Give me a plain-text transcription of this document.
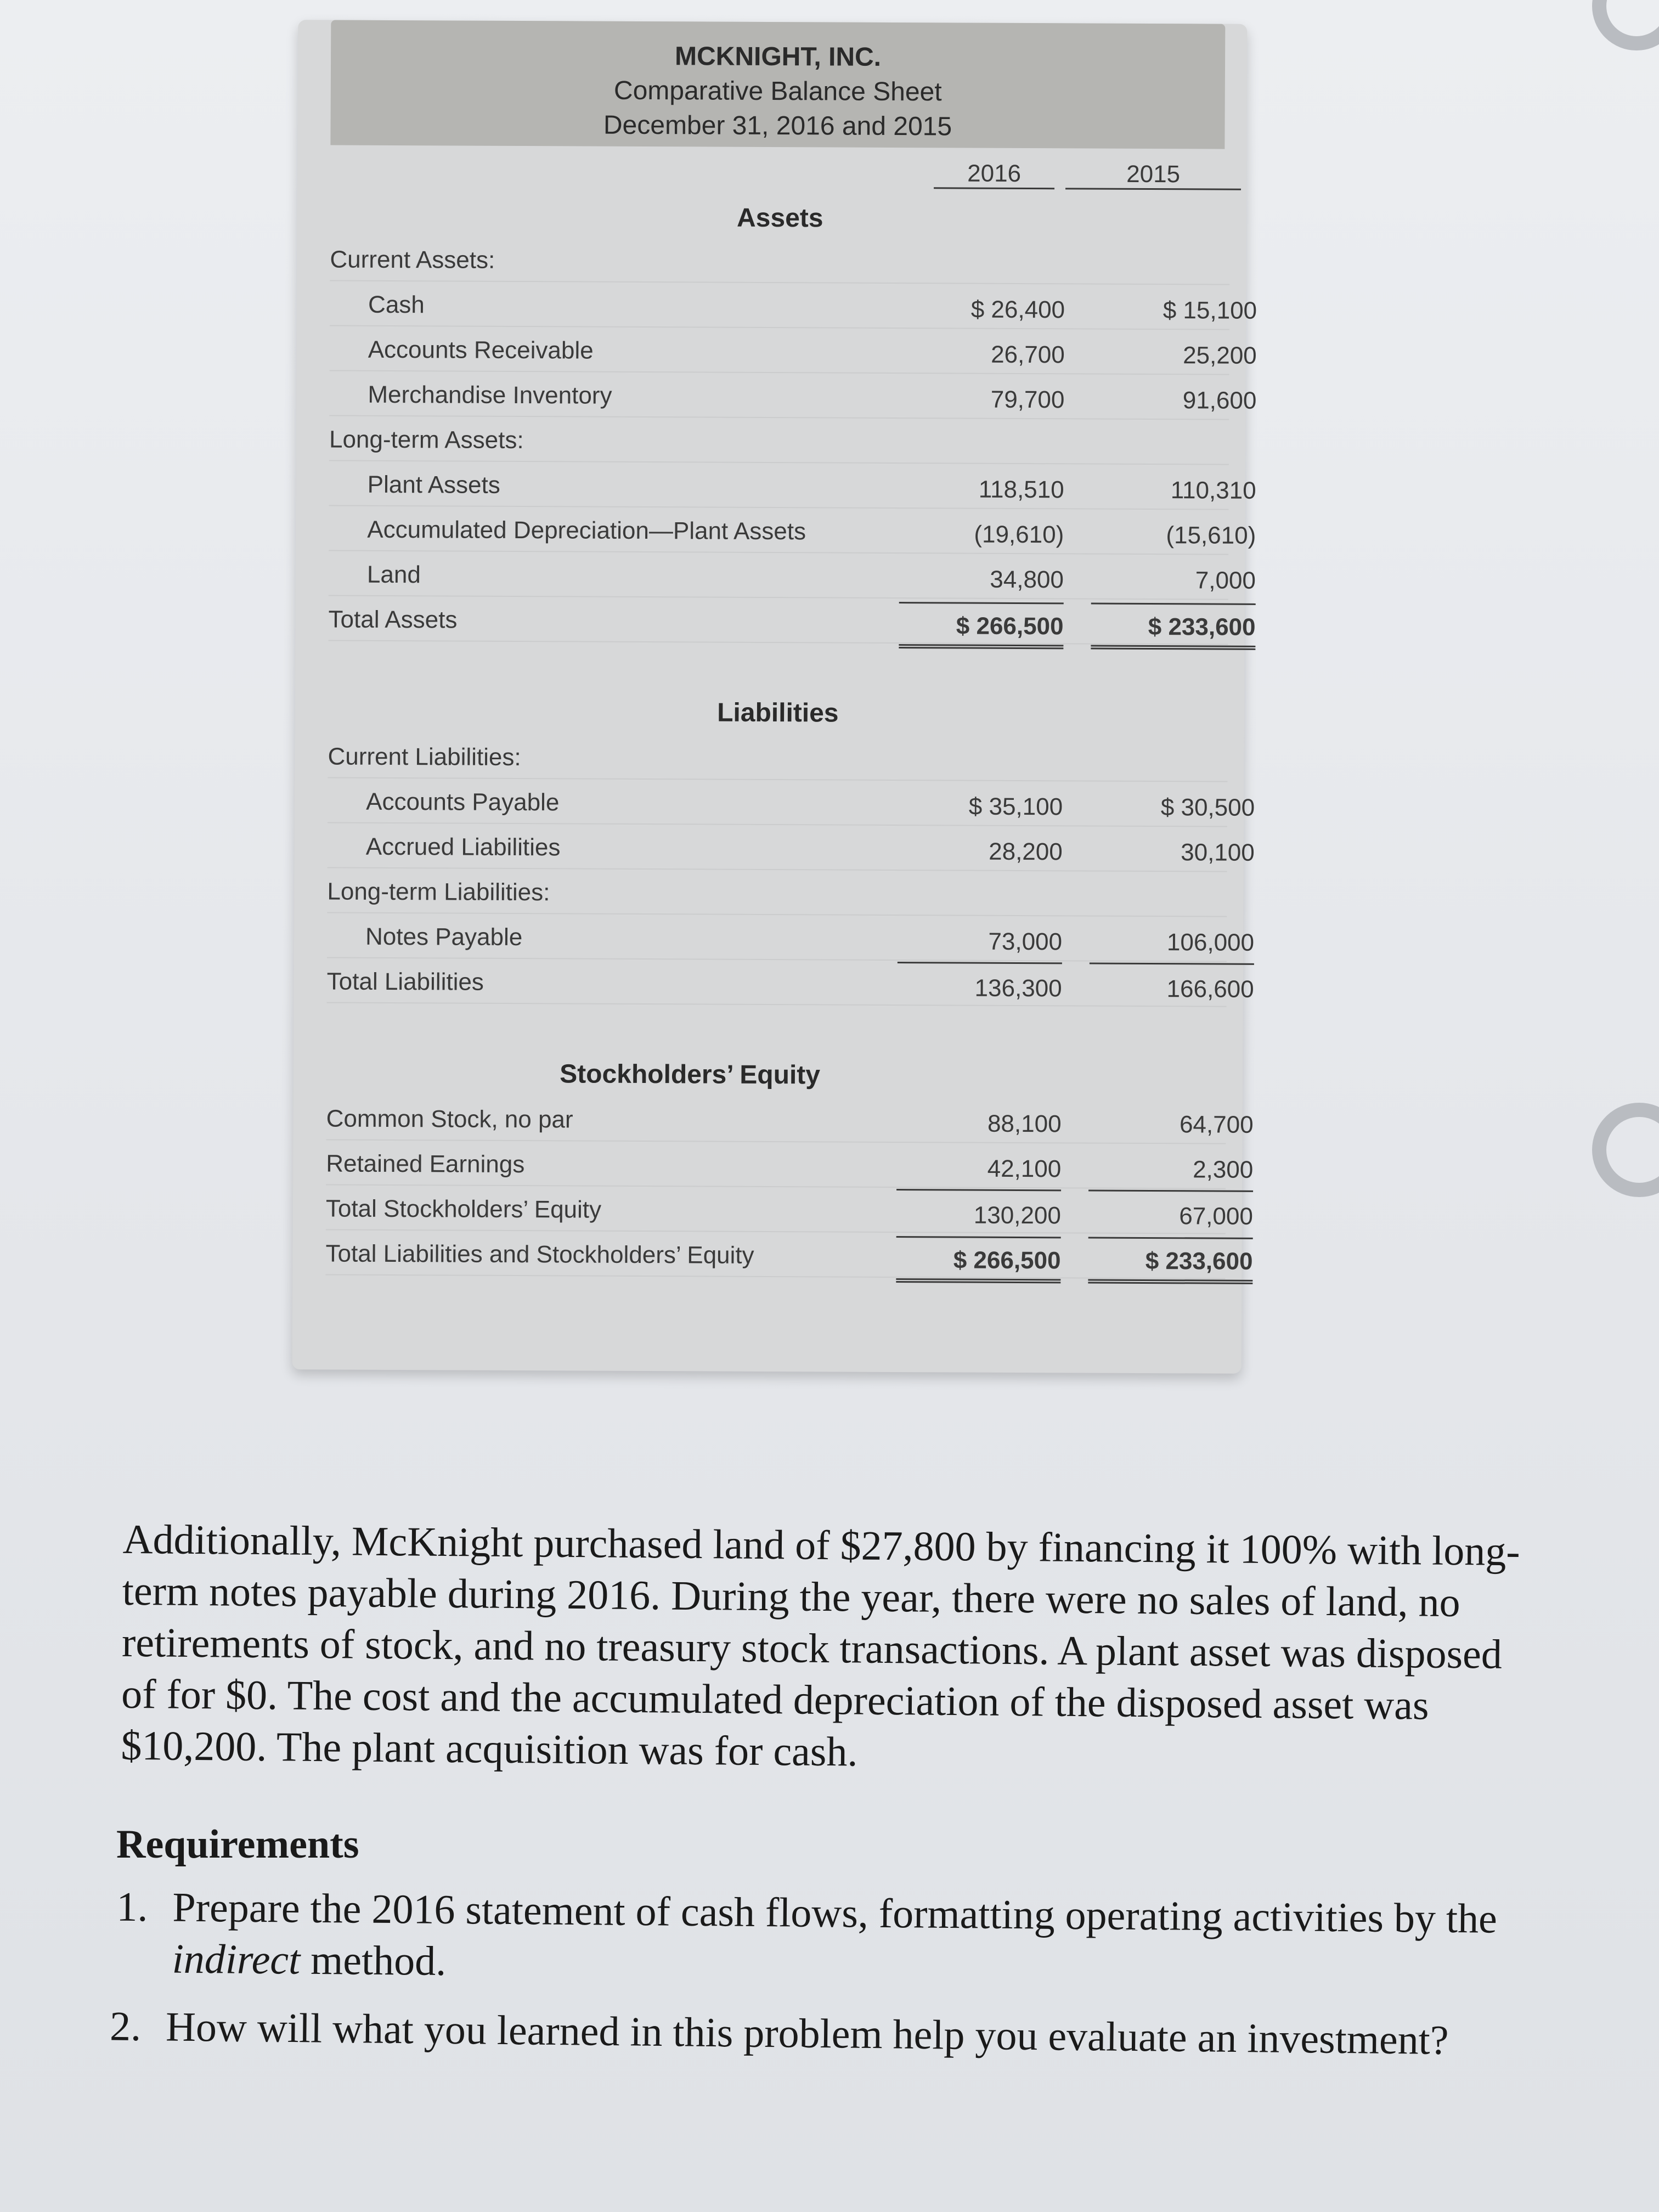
MCKNIGHT, INC.
Comparative Balance Sheet
December 31, 2016 and 2015
2016	2015
Assets
Current Assets:
Cash	$ 26,400	$ 15,100
Accounts Receivable	26,700	25,200
Merchandise Inventory	79,700	91,600
Long-term Assets:
Plant Assets	118,510	110,310
Accumulated Depreciation—Plant Assets	(19,610)	(15,610)
Land	34,800	7,000
Total Assets	$ 266,500	$ 233,600
Liabilities
Current Liabilities:
Accounts Payable	$ 35,100	$ 30,500
Accrued Liabilities	28,200	30,100
Long-term Liabilities:
Notes Payable	73,000	106,000
Total Liabilities	136,300	166,600
Stockholders’ Equity
Common Stock, no par	88,100	64,700
Retained Earnings	42,100	2,300
Total Stockholders’ Equity	130,200	67,000
Total Liabilities and Stockholders’ Equity	$ 266,500	$ 233,600
Additionally, McKnight purchased land of $27,800 by financing it 100% with long-term notes payable during 2016. During the year, there were no sales of land, no retirements of stock, and no treasury stock transactions. A plant asset was disposed of for $0. The cost and the accumulated depreciation of the disposed asset was $10,200. The plant acquisition was for cash.
Requirements
1. Prepare the 2016 statement of cash flows, formatting operating activities by the indirect method.
2. How will what you learned in this problem help you evaluate an investment?
